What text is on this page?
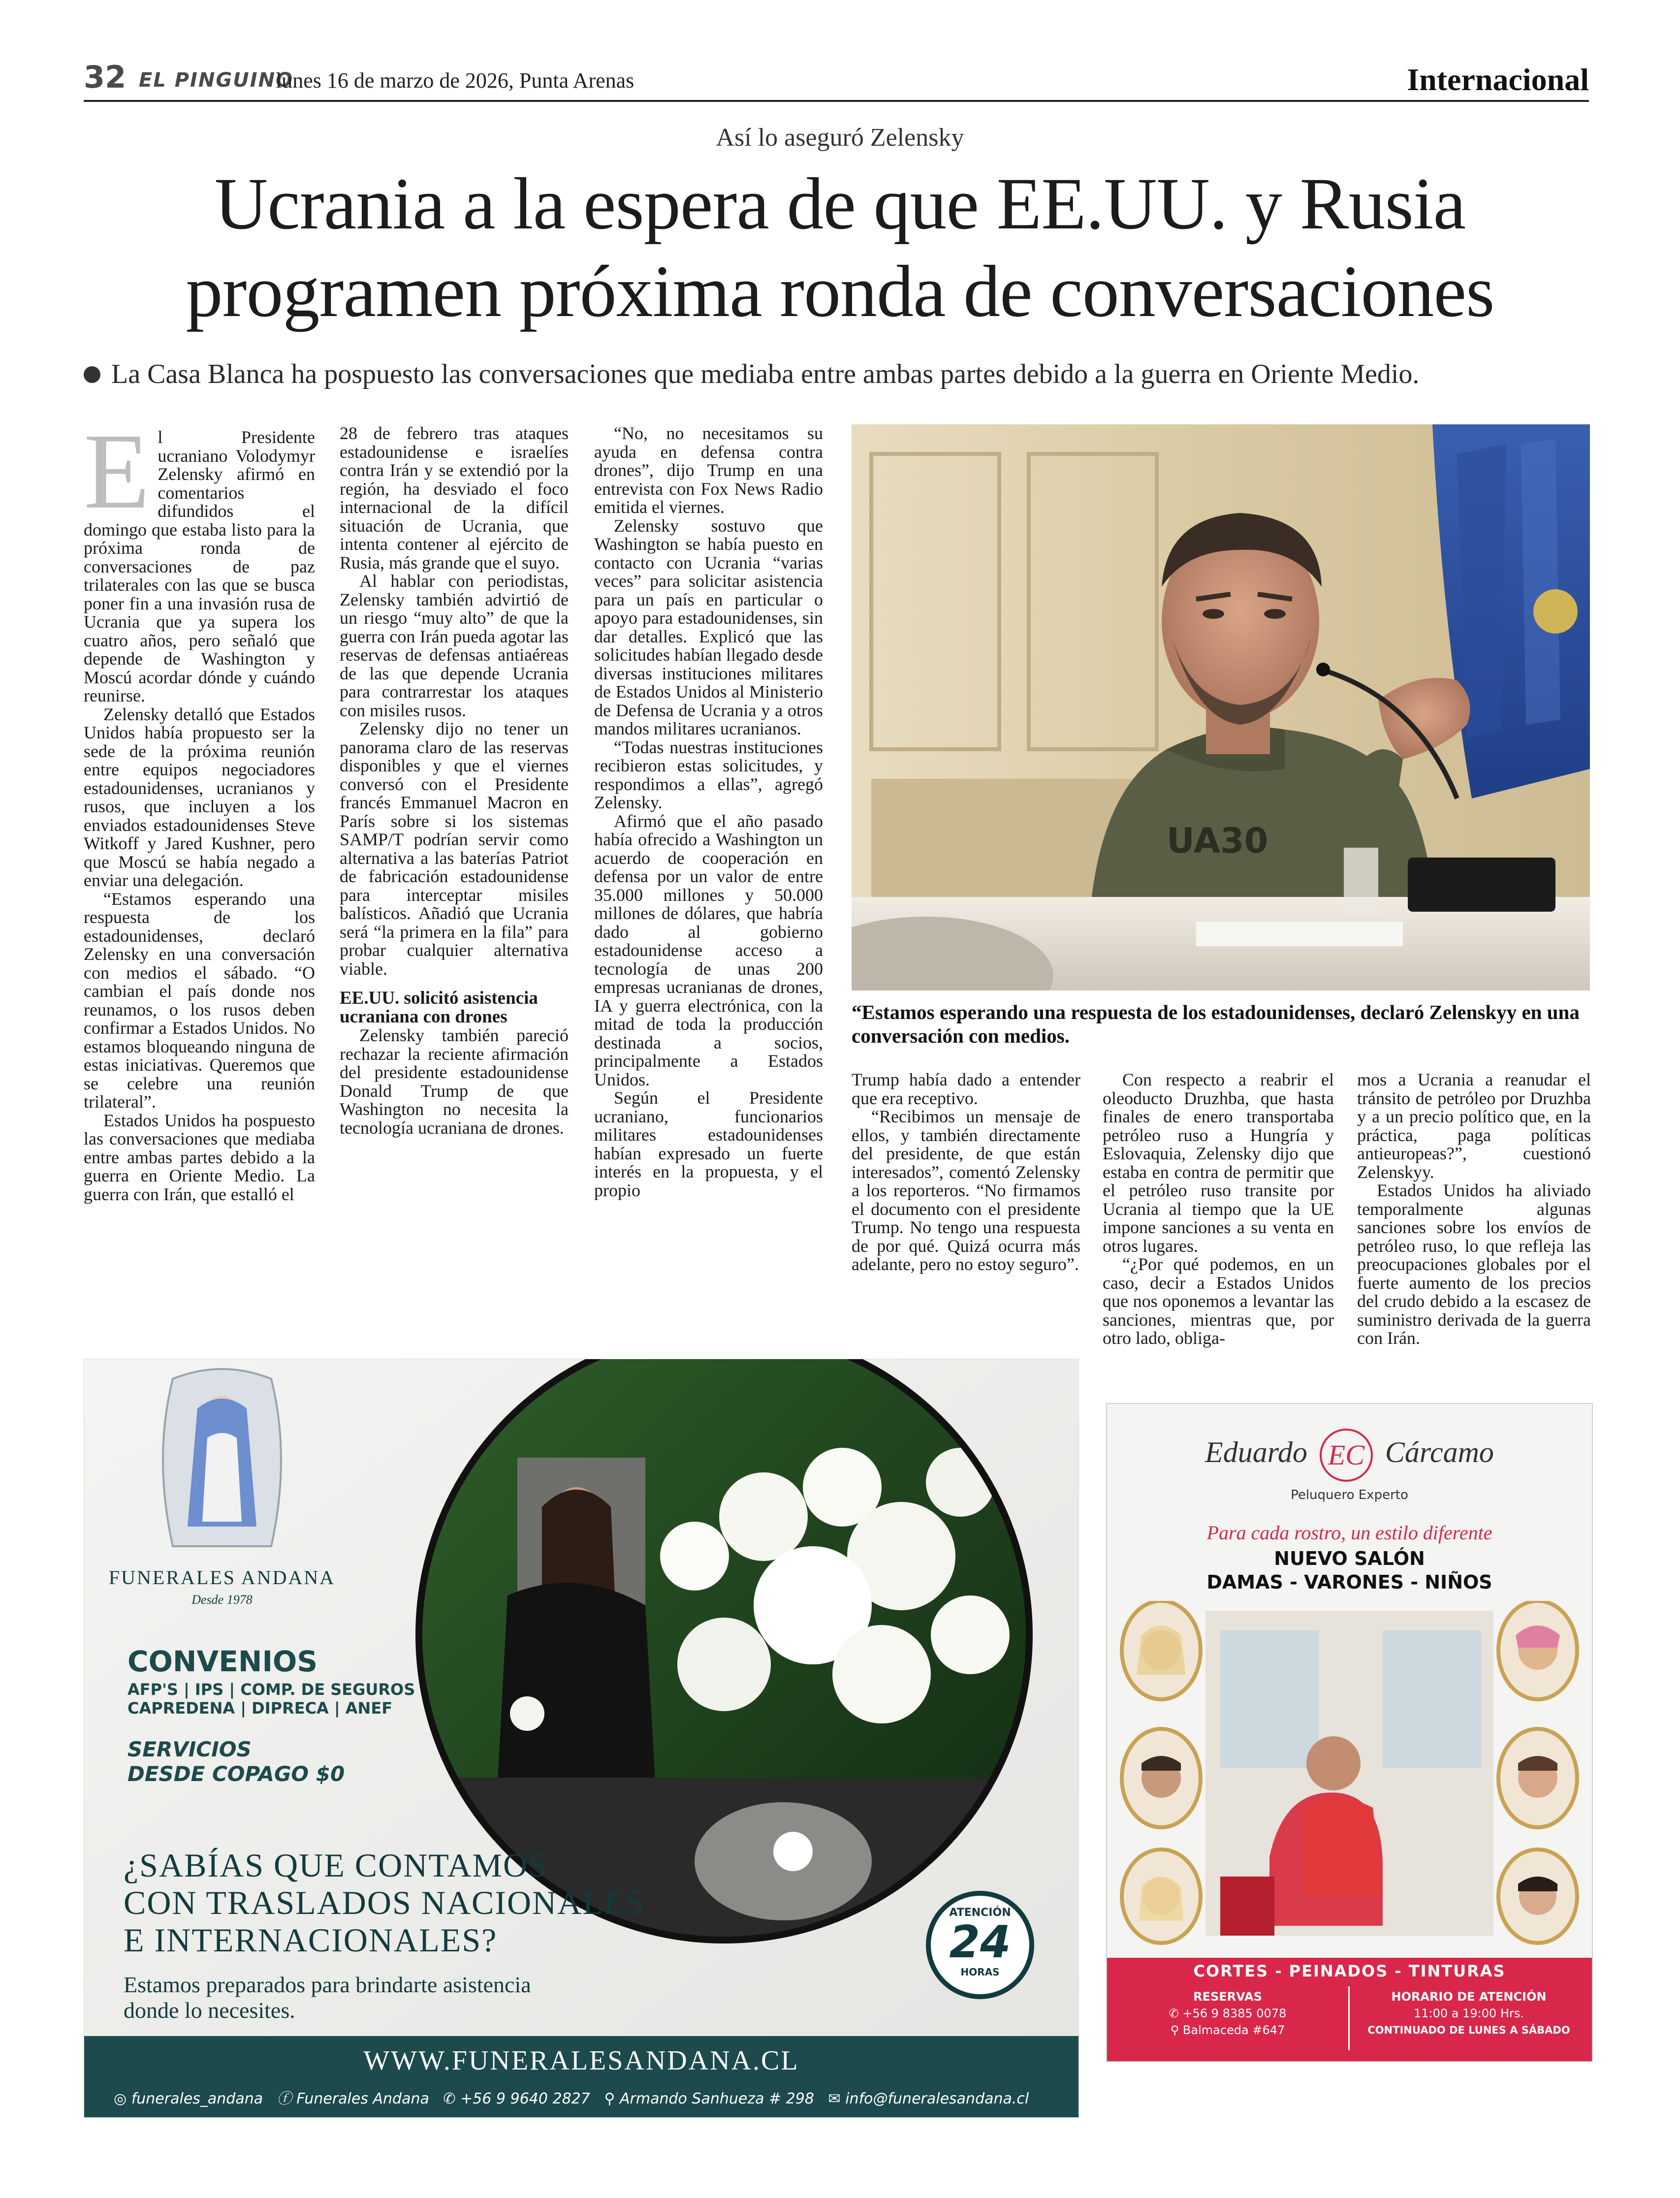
32 EL PINGUINO
lunes 16 de marzo de 2026, Punta Arenas	Internacional
Así lo aseguró Zelensky
Ucrania a la espera de que EE.UU. y Rusia
programen próxima ronda de conversaciones
La Casa Blanca ha pospuesto las conversaciones que mediaba entre ambas partes debido a la guerra en Oriente Medio.

El Presidente ucraniano Volodymyr Zelensky afirmó en comentarios difundidos el domingo que estaba listo para la próxima ronda de conversaciones de paz trilaterales con las que se busca poner fin a una invasión rusa de Ucrania que ya supera los cuatro años, pero señaló que depende de Washington y Moscú acordar dónde y cuándo reunirse.

Zelensky detalló que Estados Unidos había propuesto ser la sede de la próxima reunión entre equipos negociadores estadounidenses, ucranianos y rusos, que incluyen a los enviados estadounidenses Steve Witkoff y Jared Kushner, pero que Moscú se había negado a enviar una delegación.

“Estamos esperando una respuesta de los estadounidenses, declaró Zelensky en una conversación con medios el sábado. “O cambian el país donde nos reunamos, o los rusos deben confirmar a Estados Unidos. No estamos bloqueando ninguna de estas iniciativas. Queremos que se celebre una reunión trilateral”.

Estados Unidos ha pospuesto las conversaciones que mediaba entre ambas partes debido a la guerra en Oriente Medio. La guerra con Irán, que estalló el

28 de febrero tras ataques estadounidense e israelíes contra Irán y se extendió por la región, ha desviado el foco internacional de la difícil situación de Ucrania, que intenta contener al ejército de Rusia, más grande que el suyo.

Al hablar con periodistas, Zelensky también advirtió de un riesgo “muy alto” de que la guerra con Irán pueda agotar las reservas de defensas antiaéreas de las que depende Ucrania para contrarrestar los ataques con misiles rusos.

Zelensky dijo no tener un panorama claro de las reservas disponibles y que el viernes conversó con el Presidente francés Emmanuel Macron en París sobre si los sistemas SAMP/T podrían servir como alternativa a las baterías Patriot de fabricación estadounidense para interceptar misiles balísticos. Añadió que Ucrania será “la primera en la fila” para probar cualquier alternativa viable.

EE.UU. solicitó asistencia ucraniana con drones

Zelensky también pareció rechazar la reciente afirmación del presidente estadounidense Donald Trump de que Washington no necesita la tecnología ucraniana de drones.

“No, no necesitamos su ayuda en defensa contra drones”, dijo Trump en una entrevista con Fox News Radio emitida el viernes.

Zelensky sostuvo que Washington se había puesto en contacto con Ucrania “varias veces” para solicitar asistencia para un país en particular o apoyo para estadounidenses, sin dar detalles. Explicó que las solicitudes habían llegado desde diversas instituciones militares de Estados Unidos al Ministerio de Defensa de Ucrania y a otros mandos militares ucranianos.

“Todas nuestras instituciones recibieron estas solicitudes, y respondimos a ellas”, agregó Zelensky.

Afirmó que el año pasado había ofrecido a Washington un acuerdo de cooperación en defensa por un valor de entre 35.000 millones y 50.000 millones de dólares, que habría dado al gobierno estadounidense acceso a tecnología de unas 200 empresas ucranianas de drones, IA y guerra electrónica, con la mitad de toda la producción destinada a socios, principalmente a Estados Unidos.

Según el Presidente ucraniano, funcionarios militares estadounidenses habían expresado un fuerte interés en la propuesta, y el propio

UA30
“Estamos esperando una respuesta de los estadounidenses, declaró Zelenskyy en una conversación con medios.

Trump había dado a entender que era receptivo.

“Recibimos un mensaje de ellos, y también directamente del presidente, de que están interesados”, comentó Zelensky a los reporteros. “No firmamos el documento con el presidente Trump. No tengo una respuesta de por qué. Quizá ocurra más adelante, pero no estoy seguro”.

Con respecto a reabrir el oleoducto Druzhba, que hasta finales de enero transportaba petróleo ruso a Hungría y Eslovaquia, Zelensky dijo que estaba en contra de permitir que el petróleo ruso transite por Ucrania al tiempo que la UE impone sanciones a su venta en otros lugares.

“¿Por qué podemos, en un caso, decir a Estados Unidos que nos oponemos a levantar las sanciones, mientras que, por otro lado, obliga-

mos a Ucrania a reanudar el tránsito de petróleo por Druzhba y a un precio político que, en la práctica, paga políticas antieuropeas?”, cuestionó Zelenskyy.

Estados Unidos ha aliviado temporalmente algunas sanciones sobre los envíos de petróleo ruso, lo que refleja las preocupaciones globales por el fuerte aumento de los precios del crudo debido a la escasez de suministro derivada de la guerra con Irán.

FUNERALES ANDANA
Desde 1978
CONVENIOS
AFP'S | IPS | COMP. DE SEGUROS
CAPREDENA | DIPRECA | ANEF
SERVICIOS
DESDE COPAGO $0
¿SABÍAS QUE CONTAMOS
CON TRASLADOS NACIONALES
E INTERNACIONALES?
Estamos preparados para brindarte asistencia
donde lo necesites.
ATENCIÓN
24
HORAS
WWW.FUNERALESANDANA.CL
◎ funerales_andana ⓕ Funerales Andana ✆ +56 9 9640 2827 ⚲ Armando Sanhueza # 298 ✉ info@funeralesandana.cl
Eduardo EC Cárcamo
Peluquero Experto
Para cada rostro, un estilo diferente
NUEVO SALÓN
DAMAS - VARONES - NIÑOS
CORTES - PEINADOS - TINTURAS
RESERVAS
✆ +56 9 8385 0078
⚲ Balmaceda #647
HORARIO DE ATENCIÓN
11:00 a 19:00 Hrs.
CONTINUADO DE LUNES A SÁBADO
